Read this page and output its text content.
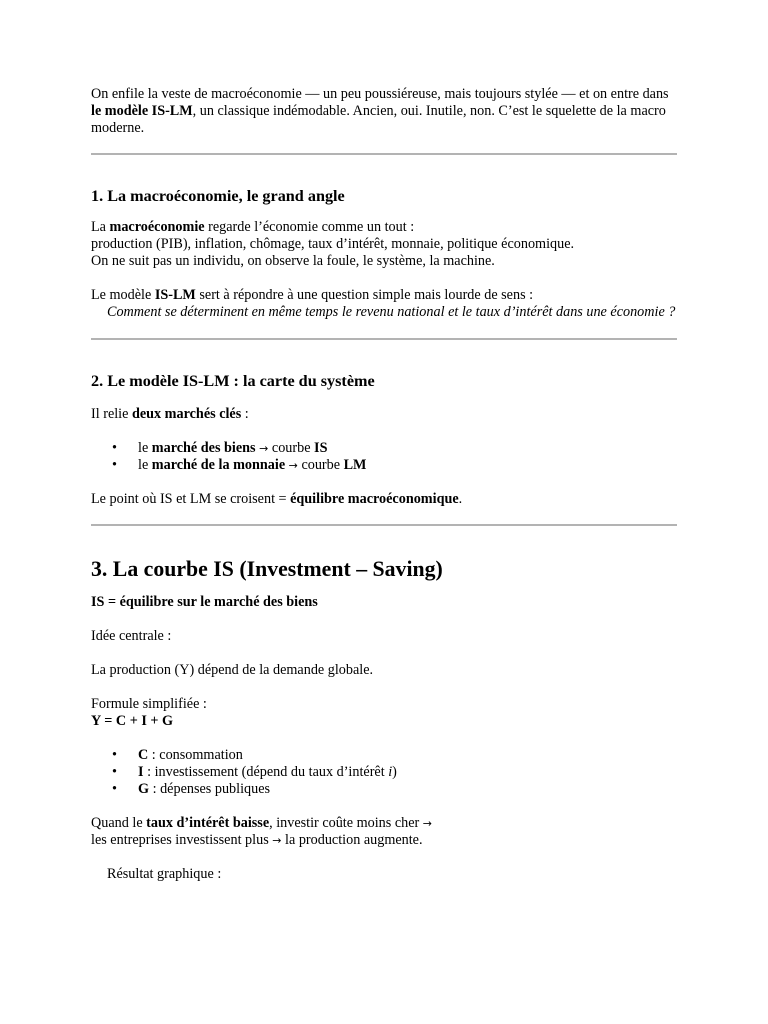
On enfile la veste de macroéconomie — un peu poussiéreuse, mais toujours stylée — et on entre dans le modèle IS-LM, un classique indémodable. Ancien, oui. Inutile, non. C’est le squelette de la macro moderne.

1. La macroéconomie, le grand angle

La macroéconomie regarde l’économie comme un tout :
production (PIB), inflation, chômage, taux d’intérêt, monnaie, politique économique.
On ne suit pas un individu, on observe la foule, le système, la machine.

Le modèle IS-LM sert à répondre à une question simple mais lourde de sens :
Comment se déterminent en même temps le revenu national et le taux d’intérêt dans une économie ?

2. Le modèle IS-LM : la carte du système

Il relie deux marchés clés :

• le marché des biens → courbe IS
• le marché de la monnaie → courbe LM

Le point où IS et LM se croisent = équilibre macroéconomique.

3. La courbe IS (Investment – Saving)

IS = équilibre sur le marché des biens

Idée centrale :

La production (Y) dépend de la demande globale.

Formule simplifiée :
Y = C + I + G

• C : consommation
• I : investissement (dépend du taux d’intérêt i)
• G : dépenses publiques

Quand le taux d’intérêt baisse, investir coûte moins cher →
les entreprises investissent plus → la production augmente.

Résultat graphique :
